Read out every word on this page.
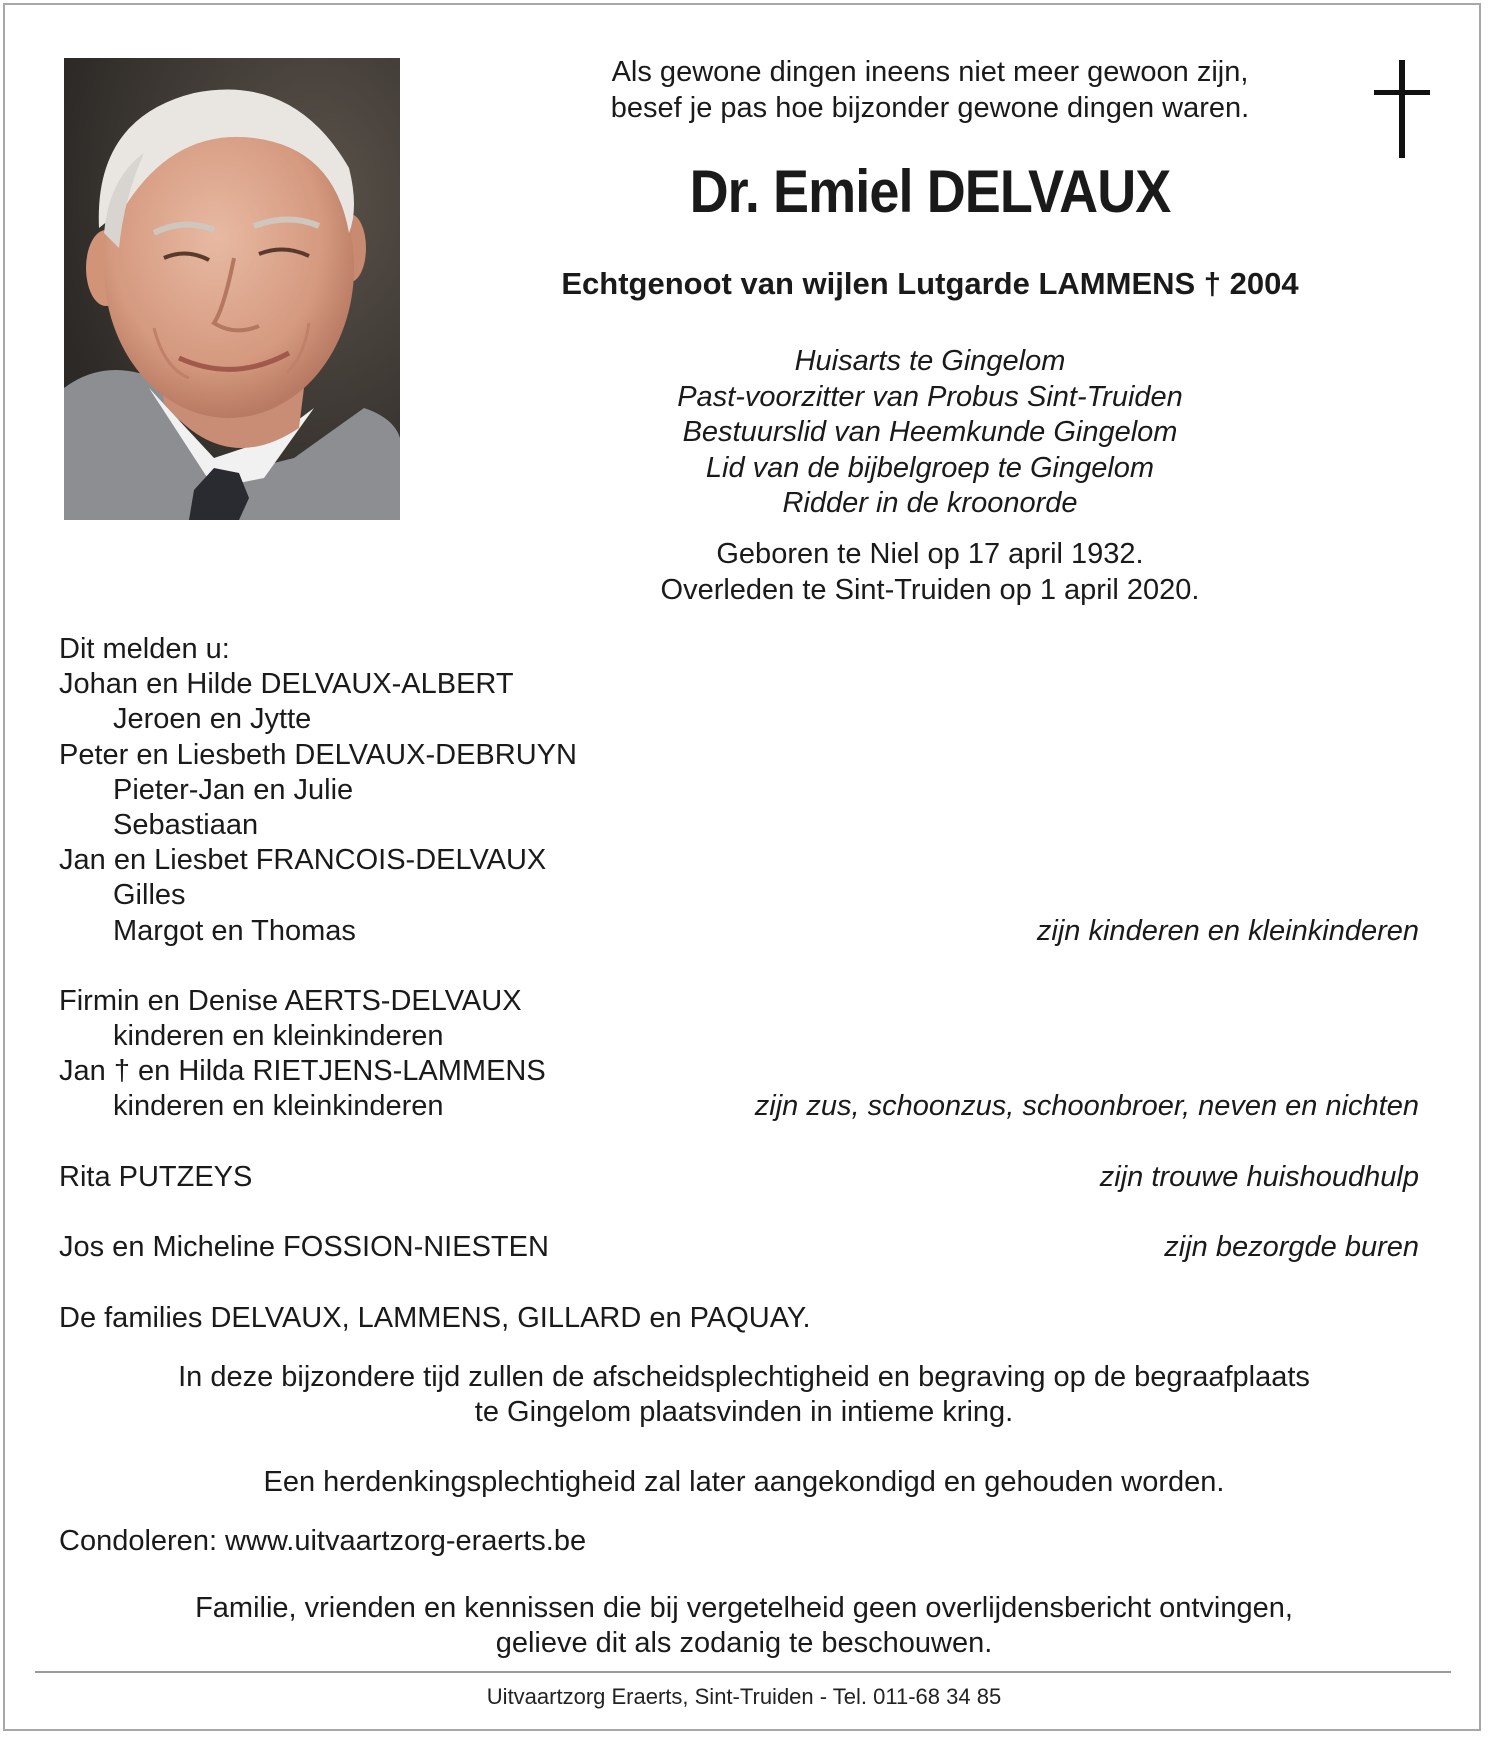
Als gewone dingen ineens niet meer gewoon zijn,
besef je pas hoe bijzonder gewone dingen waren.
Dr. Emiel DELVAUX
Echtgenoot van wijlen Lutgarde LAMMENS † 2004
Huisarts te Gingelom
Past-voorzitter van Probus Sint-Truiden
Bestuurslid van Heemkunde Gingelom
Lid van de bijbelgroep te Gingelom
Ridder in de kroonorde
Geboren te Niel op 17 april 1932.
Overleden te Sint-Truiden op 1 april 2020.
Dit melden u:
Johan en Hilde DELVAUX-ALBERT
Jeroen en Jytte
Peter en Liesbeth DELVAUX-DEBRUYN
Pieter-Jan en Julie
Sebastiaan
Jan en Liesbet FRANCOIS-DELVAUX
Gilles
Margot en Thomas	zijn kinderen en kleinkinderen
Firmin en Denise AERTS-DELVAUX
kinderen en kleinkinderen
Jan † en Hilda RIETJENS-LAMMENS
kinderen en kleinkinderen	zijn zus, schoonzus, schoonbroer, neven en nichten
Rita PUTZEYS	zijn trouwe huishoudhulp
Jos en Micheline FOSSION-NIESTEN	zijn bezorgde buren
De families DELVAUX, LAMMENS, GILLARD en PAQUAY.
In deze bijzondere tijd zullen de afscheidsplechtigheid en begraving op de begraafplaats
te Gingelom plaatsvinden in intieme kring.
Een herdenkingsplechtigheid zal later aangekondigd en gehouden worden.
Condoleren: www.uitvaartzorg-eraerts.be
Familie, vrienden en kennissen die bij vergetelheid geen overlijdensbericht ontvingen,
gelieve dit als zodanig te beschouwen.
Uitvaartzorg Eraerts, Sint-Truiden - Tel. 011-68 34 85
